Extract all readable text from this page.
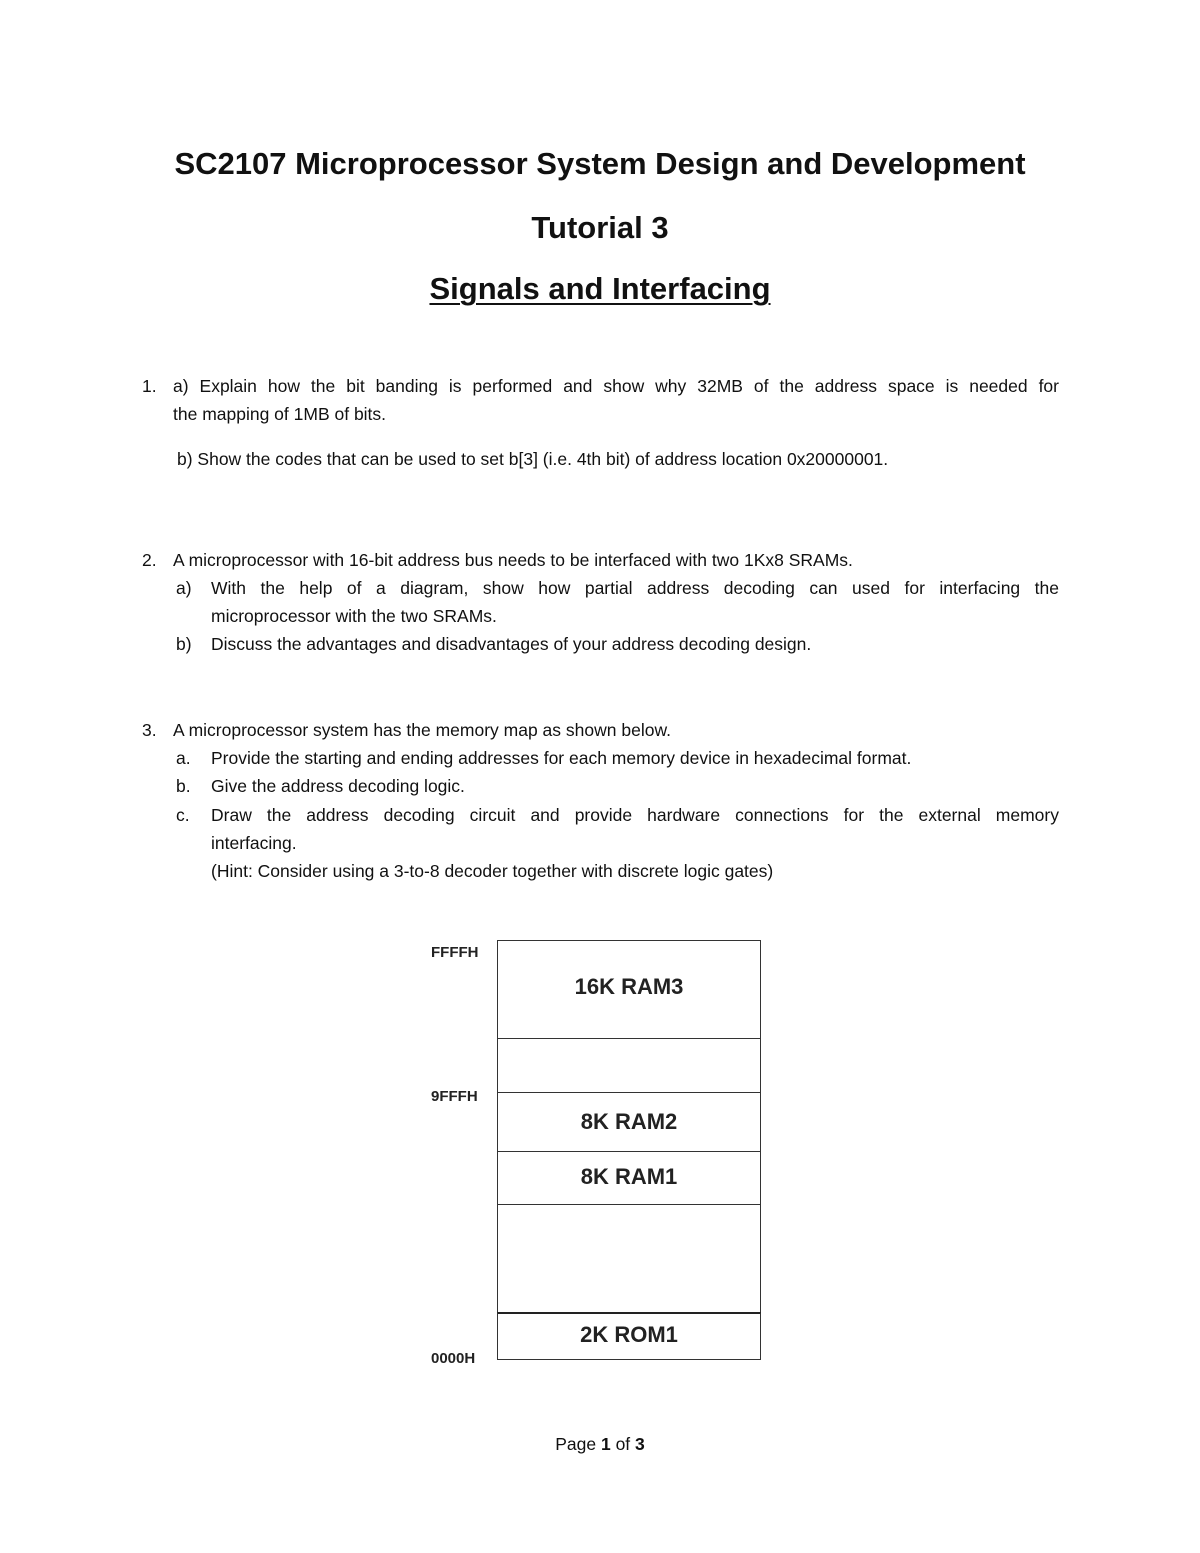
SC2107 Microprocessor System Design and Development
Tutorial 3
Signals and Interfacing
1. a) Explain how the bit banding is performed and show why 32MB of the address space is needed for
the mapping of 1MB of bits.
b) Show the codes that can be used to set b[3] (i.e. 4th bit) of address location 0x20000001.
2. A microprocessor with 16-bit address bus needs to be interfaced with two 1Kx8 SRAMs.
a) With the help of a diagram, show how partial address decoding can used for interfacing the
microprocessor with the two SRAMs.
b) Discuss the advantages and disadvantages of your address decoding design.
3. A microprocessor system has the memory map as shown below.
a. Provide the starting and ending addresses for each memory device in hexadecimal format.
b. Give the address decoding logic.
c. Draw the address decoding circuit and provide hardware connections for the external memory
interfacing.
(Hint: Consider using a 3-to-8 decoder together with discrete logic gates)
FFFFH
9FFFH
0000H
16K RAM3
8K RAM2
8K RAM1
2K ROM1
Page 1 of 3
